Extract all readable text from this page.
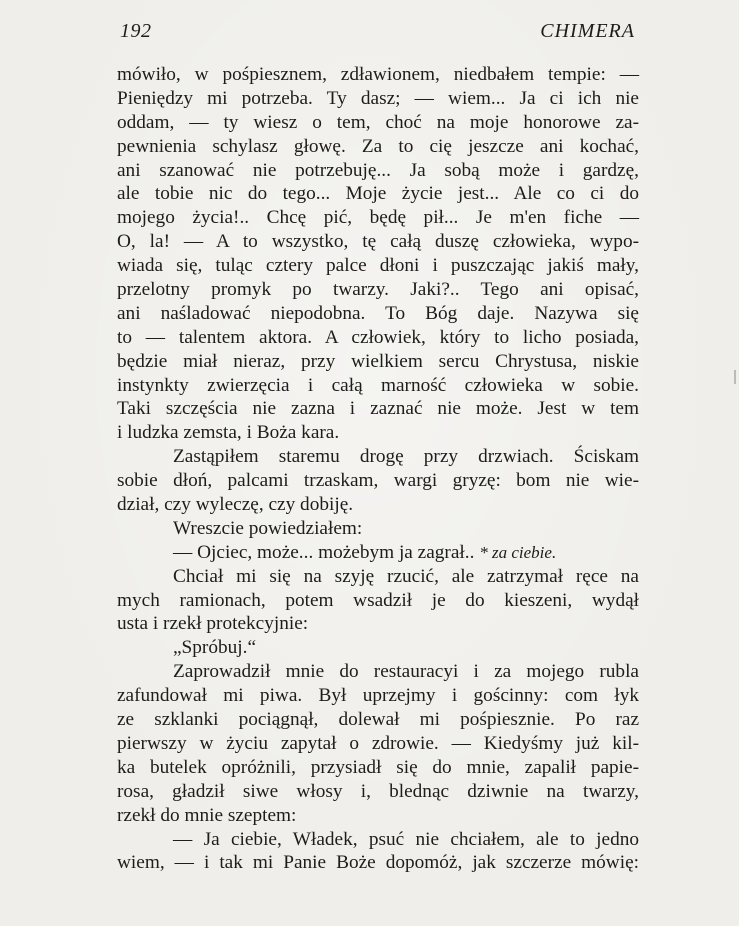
192	CHIMERA
mówiło, w pośpiesznem, zdławionem, niedbałem tempie: —
Pieniędzy mi potrzeba. Ty dasz; — wiem... Ja ci ich nie
oddam, — ty wiesz o tem, choć na moje honorowe za-
pewnienia schylasz głowę. Za to cię jeszcze ani kochać,
ani szanować nie potrzebuję... Ja sobą może i gardzę,
ale tobie nic do tego... Moje życie jest... Ale co ci do
mojego życia!.. Chcę pić, będę pił... Je m'en fiche —
O, la! — A to wszystko, tę całą duszę człowieka, wypo-
wiada się, tuląc cztery palce dłoni i puszczając jakiś mały,
przelotny promyk po twarzy. Jaki?.. Tego ani opisać,
ani naśladować niepodobna. To Bóg daje. Nazywa się
to — talentem aktora. A człowiek, który to licho posiada,
będzie miał nieraz, przy wielkiem sercu Chrystusa, niskie
instynkty zwierzęcia i całą marność człowieka w sobie.
Taki szczęścia nie zazna i zaznać nie może. Jest w tem
i ludzka zemsta, i Boża kara.
Zastąpiłem staremu drogę przy drzwiach. Ściskam
sobie dłoń, palcami trzaskam, wargi gryzę: bom nie wie-
dział, czy wyleczę, czy dobiję.
Wreszcie powiedziałem:
— Ojciec, może... możebym ja zagrał.. * za ciebie.
Chciał mi się na szyję rzucić, ale zatrzymał ręce na
mych ramionach, potem wsadził je do kieszeni, wydął
usta i rzekł protekcyjnie:
„Spróbuj.“
Zaprowadził mnie do restauracyi i za mojego rubla
zafundował mi piwa. Był uprzejmy i gościnny: com łyk
ze szklanki pociągnął, dolewał mi pośpiesznie. Po raz
pierwszy w życiu zapytał o zdrowie. — Kiedyśmy już kil-
ka butelek opróżnili, przysiadł się do mnie, zapalił papie-
rosa, gładził siwe włosy i, blednąc dziwnie na twarzy,
rzekł do mnie szeptem:
— Ja ciebie, Władek, psuć nie chciałem, ale to jedno
wiem, — i tak mi Panie Boże dopomóż, jak szczerze mówię:
